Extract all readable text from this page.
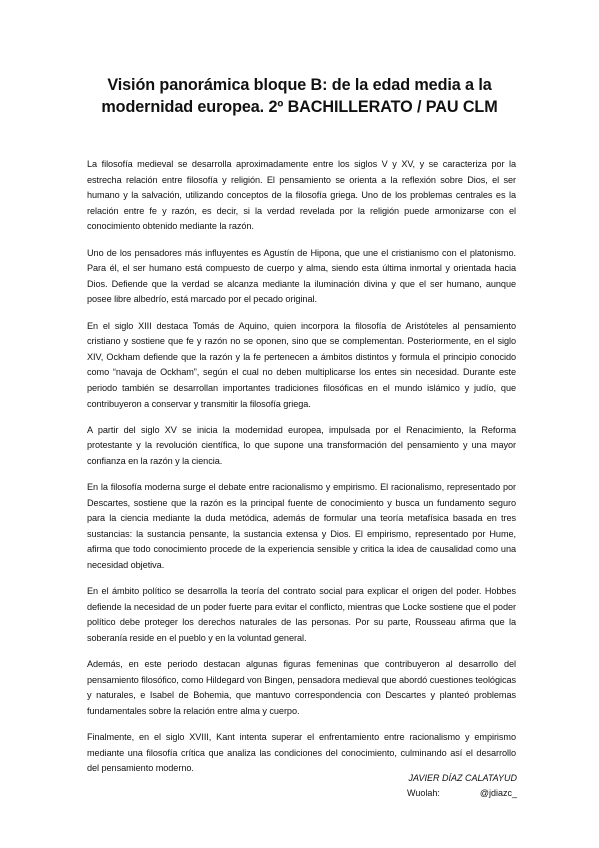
Visión panorámica bloque B: de la edad media a la modernidad europea. 2º BACHILLERATO / PAU CLM

La filosofía medieval se desarrolla aproximadamente entre los siglos V y XV, y se caracteriza por la estrecha relación entre filosofía y religión. El pensamiento se orienta a la reflexión sobre Dios, el ser humano y la salvación, utilizando conceptos de la filosofía griega. Uno de los problemas centrales es la relación entre fe y razón, es decir, si la verdad revelada por la religión puede armonizarse con el conocimiento obtenido mediante la razón.

Uno de los pensadores más influyentes es Agustín de Hipona, que une el cristianismo con el platonismo. Para él, el ser humano está compuesto de cuerpo y alma, siendo esta última inmortal y orientada hacia Dios. Defiende que la verdad se alcanza mediante la iluminación divina y que el ser humano, aunque posee libre albedrío, está marcado por el pecado original.

En el siglo XIII destaca Tomás de Aquino, quien incorpora la filosofía de Aristóteles al pensamiento cristiano y sostiene que fe y razón no se oponen, sino que se complementan. Posteriormente, en el siglo XIV, Ockham defiende que la razón y la fe pertenecen a ámbitos distintos y formula el principio conocido como “navaja de Ockham”, según el cual no deben multiplicarse los entes sin necesidad. Durante este periodo también se desarrollan importantes tradiciones filosóficas en el mundo islámico y judío, que contribuyeron a conservar y transmitir la filosofía griega.

A partir del siglo XV se inicia la modernidad europea, impulsada por el Renacimiento, la Reforma protestante y la revolución científica, lo que supone una transformación del pensamiento y una mayor confianza en la razón y la ciencia.

En la filosofía moderna surge el debate entre racionalismo y empirismo. El racionalismo, representado por Descartes, sostiene que la razón es la principal fuente de conocimiento y busca un fundamento seguro para la ciencia mediante la duda metódica, además de formular una teoría metafísica basada en tres sustancias: la sustancia pensante, la sustancia extensa y Dios. El empirismo, representado por Hume, afirma que todo conocimiento procede de la experiencia sensible y critica la idea de causalidad como una necesidad objetiva.

En el ámbito político se desarrolla la teoría del contrato social para explicar el origen del poder. Hobbes defiende la necesidad de un poder fuerte para evitar el conflicto, mientras que Locke sostiene que el poder político debe proteger los derechos naturales de las personas. Por su parte, Rousseau afirma que la soberanía reside en el pueblo y en la voluntad general.

Además, en este periodo destacan algunas figuras femeninas que contribuyeron al desarrollo del pensamiento filosófico, como Hildegard von Bingen, pensadora medieval que abordó cuestiones teológicas y naturales, e Isabel de Bohemia, que mantuvo correspondencia con Descartes y planteó problemas fundamentales sobre la relación entre alma y cuerpo.

Finalmente, en el siglo XVIII, Kant intenta superar el enfrentamiento entre racionalismo y empirismo mediante una filosofía crítica que analiza las condiciones del conocimiento, culminando así el desarrollo del pensamiento moderno.

JAVIER DÍAZ CALATAYUD
Wuolah:	@jdiazc_
